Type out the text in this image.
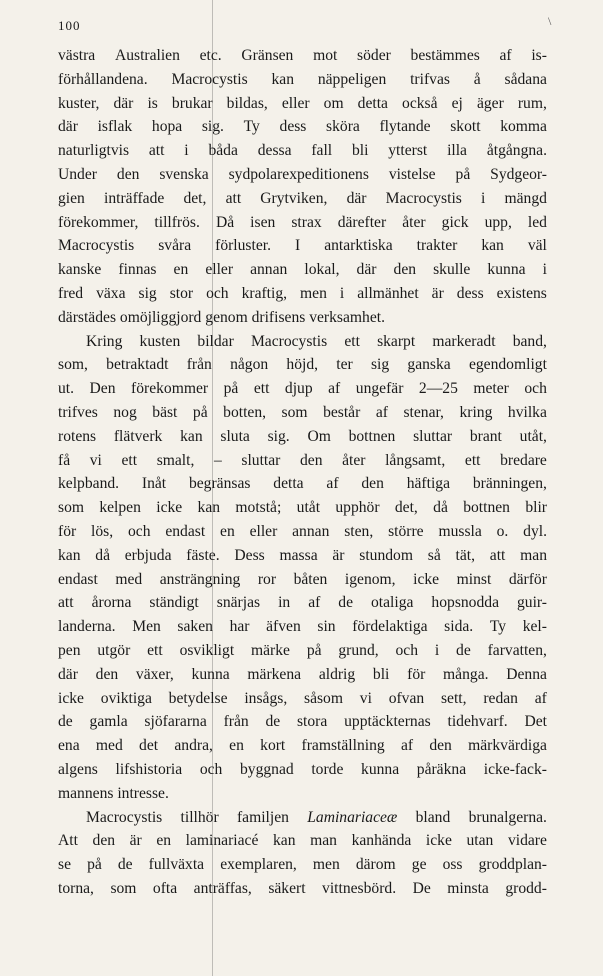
100	\
västra Australien etc. Gränsen mot söder bestämmes af is-
förhållandena. Macrocystis kan näppeligen trifvas å sådana
kuster, där is brukar bildas, eller om detta också ej äger rum,
där isflak hopa sig. Ty dess sköra flytande skott komma
naturligtvis att i båda dessa fall bli ytterst illa åtgångna.
Under den svenska sydpolarexpeditionens vistelse på Sydgeor-
gien inträffade det, att Grytviken, där Macrocystis i mängd
förekommer, tillfrös. Då isen strax därefter åter gick upp, led
Macrocystis svåra förluster. I antarktiska trakter kan väl
kanske finnas en eller annan lokal, där den skulle kunna i
fred växa sig stor och kraftig, men i allmänhet är dess existens
därstädes omöjliggjord genom drifisens verksamhet.
Kring kusten bildar Macrocystis ett skarpt markeradt band,
som, betraktadt från någon höjd, ter sig ganska egendomligt
ut. Den förekommer på ett djup af ungefär 2—25 meter och
trifves nog bäst på botten, som består af stenar, kring hvilka
rotens flätverk kan sluta sig. Om bottnen sluttar brant utåt,
få vi ett smalt, – sluttar den åter långsamt, ett bredare
kelpband. Inåt begränsas detta af den häftiga bränningen,
som kelpen icke kan motstå; utåt upphör det, då bottnen blir
för lös, och endast en eller annan sten, större mussla o. dyl.
kan då erbjuda fäste. Dess massa är stundom så tät, att man
endast med ansträngning ror båten igenom, icke minst därför
att årorna ständigt snärjas in af de otaliga hopsnodda guir-
landerna. Men saken har äfven sin fördelaktiga sida. Ty kel-
pen utgör ett osvikligt märke på grund, och i de farvatten,
där den växer, kunna märkena aldrig bli för många. Denna
icke oviktiga betydelse insågs, såsom vi ofvan sett, redan af
de gamla sjöfararna från de stora upptäckternas tidehvarf. Det
ena med det andra, en kort framställning af den märkvärdiga
algens lifshistoria och byggnad torde kunna påräkna icke-fack-
mannens intresse.
Macrocystis tillhör familjen Laminariaceæ bland brunalgerna.
Att den är en laminariacé kan man kanhända icke utan vidare
se på de fullväxta exemplaren, men därom ge oss groddplan-
torna, som ofta anträffas, säkert vittnesbörd. De minsta grodd-
